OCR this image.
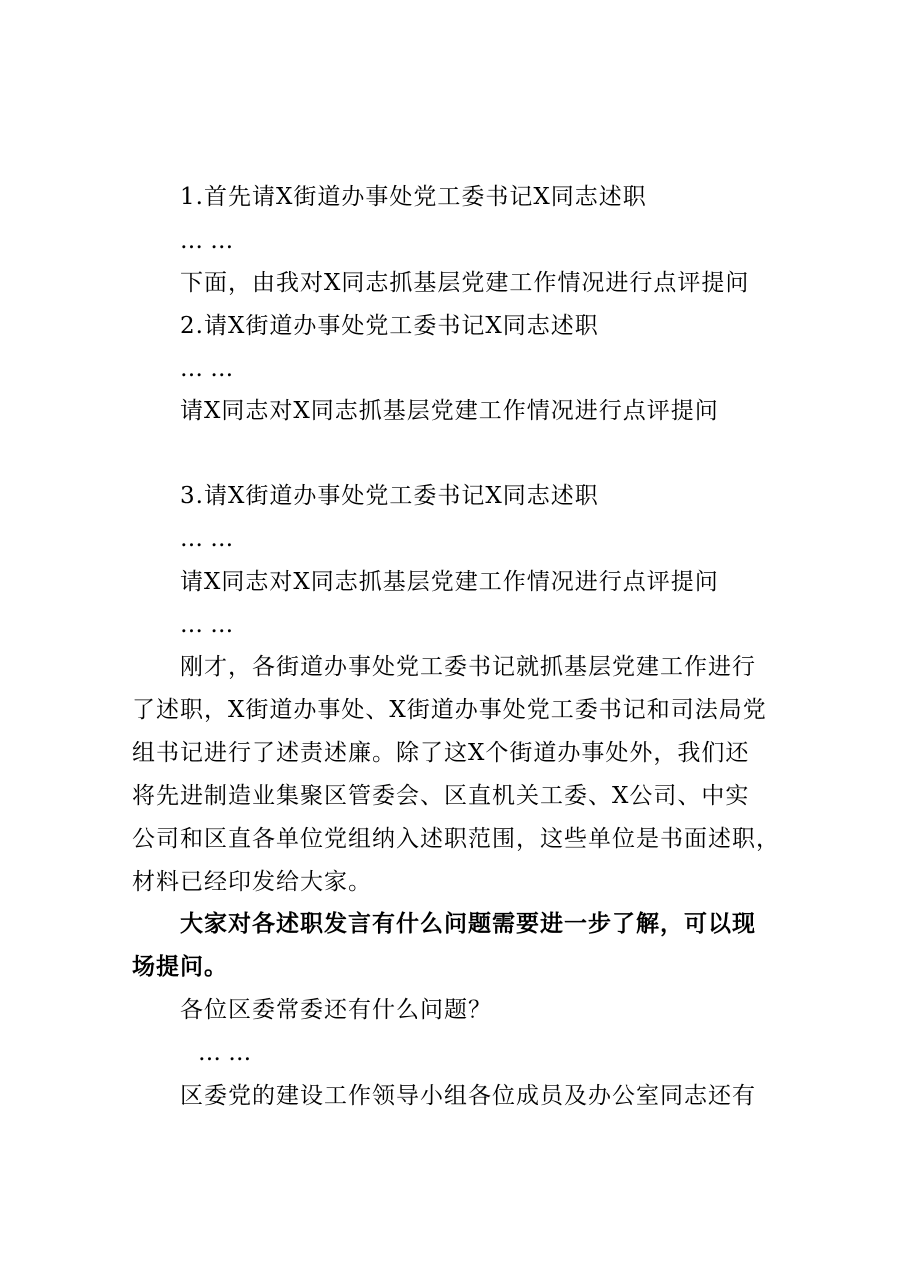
1.首先请X街道办事处党工委书记X同志述职
… …
下面，由我对X同志抓基层党建工作情况进行点评提问
2.请X街道办事处党工委书记X同志述职
… …
请X同志对X同志抓基层党建工作情况进行点评提问
3.请X街道办事处党工委书记X同志述职
… …
请X同志对X同志抓基层党建工作情况进行点评提问
… …
刚才，各街道办事处党工委书记就抓基层党建工作进行
了述职，X街道办事处、X街道办事处党工委书记和司法局党
组书记进行了述责述廉。除了这X个街道办事处外，我们还
将先进制造业集聚区管委会、区直机关工委、X公司、中实
公司和区直各单位党组纳入述职范围，这些单位是书面述职，
材料已经印发给大家。
大家对各述职发言有什么问题需要进一步了解，可以现
场提问。
各位区委常委还有什么问题？
… …
区委党的建设工作领导小组各位成员及办公室同志还有
